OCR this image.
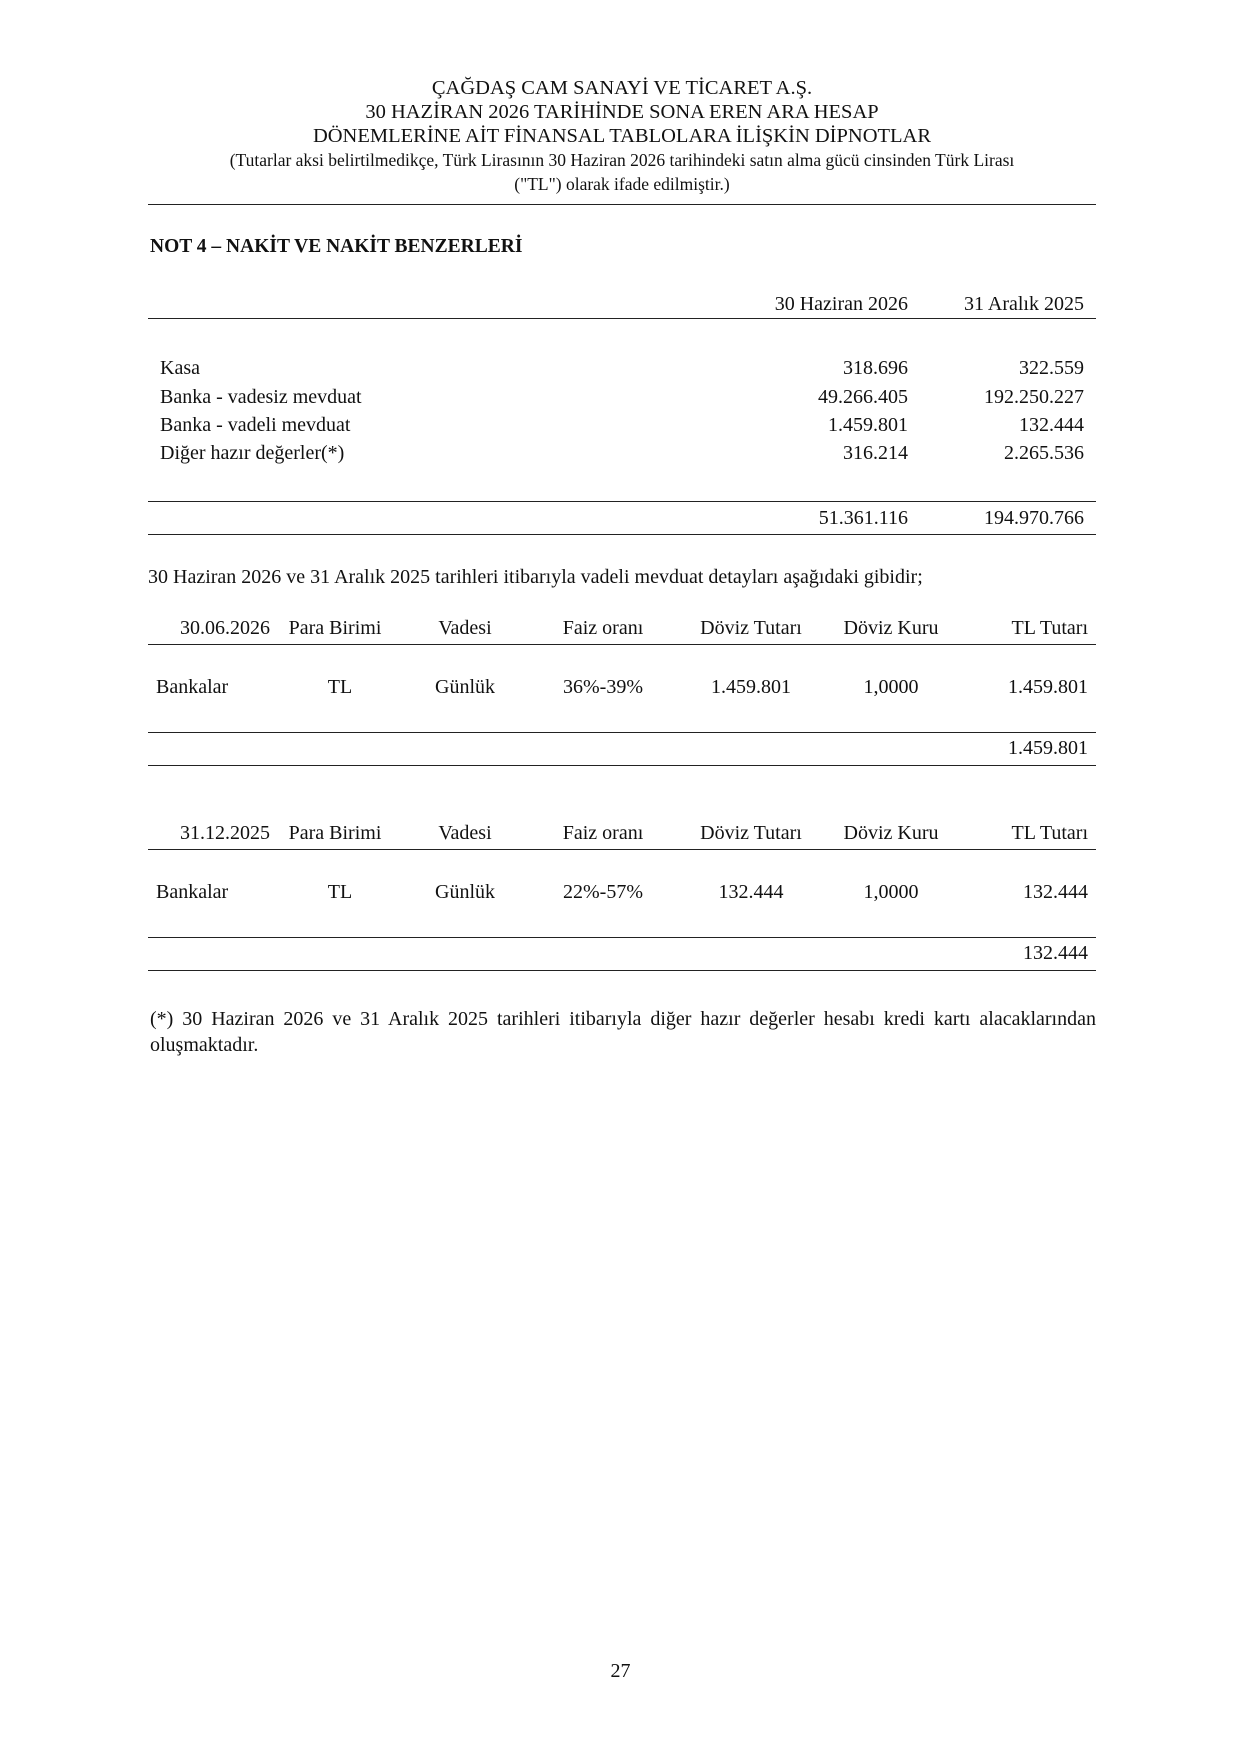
ÇAĞDAŞ CAM SANAYİ VE TİCARET A.Ş.
30 HAZİRAN 2026 TARİHİNDE SONA EREN ARA HESAP
DÖNEMLERİNE AİT FİNANSAL TABLOLARA İLİŞKİN DİPNOTLAR
(Tutarlar aksi belirtilmedikçe, Türk Lirasının 30 Haziran 2026 tarihindeki satın alma gücü cinsinden Türk Lirası
("TL") olarak ifade edilmiştir.)
NOT 4 – NAKİT VE NAKİT BENZERLERİ
30 Haziran 2026	31 Aralık 2025
Kasa	318.696	322.559
Banka - vadesiz mevduat	49.266.405	192.250.227
Banka - vadeli mevduat	1.459.801	132.444
Diğer hazır değerler(*)	316.214	2.265.536
51.361.116	194.970.766
30 Haziran 2026 ve 31 Aralık 2025 tarihleri itibarıyla vadeli mevduat detayları aşağıdaki gibidir;
30.06.2026 Para Birimi	Vadesi	Faiz oranı	Döviz Tutarı	Döviz Kuru	TL Tutarı
Bankalar	TL	Günlük	36%-39%	1.459.801	1,0000	1.459.801
1.459.801
31.12.2025 Para Birimi	Vadesi	Faiz oranı	Döviz Tutarı	Döviz Kuru	TL Tutarı
Bankalar	TL	Günlük	22%-57%	132.444	1,0000	132.444
132.444
(*) 30 Haziran 2026 ve 31 Aralık 2025 tarihleri itibarıyla diğer hazır değerler hesabı kredi kartı alacaklarından oluşmaktadır.
27
